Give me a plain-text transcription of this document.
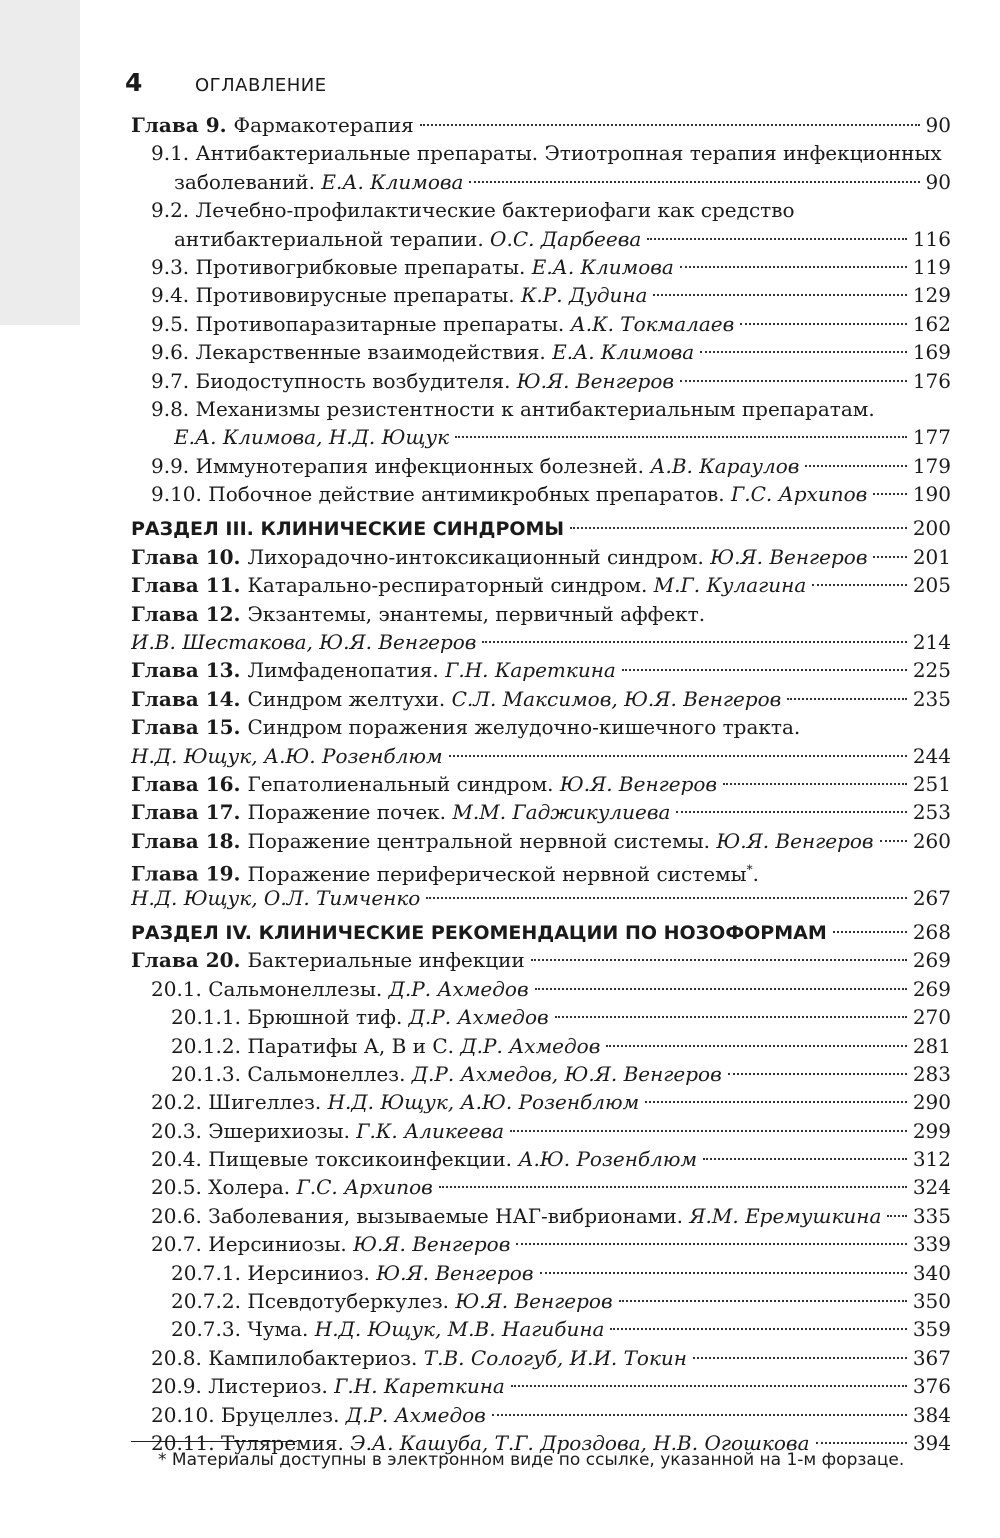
4	ОГЛАВЛЕНИЕ
Глава 9. Фармакотерапия	90
9.1. Антибактериальные препараты. Этиотропная терапия инфекционных
заболеваний. Е.А. Климова	90
9.2. Лечебно-профилактические бактериофаги как средство
антибактериальной терапии. О.С. Дарбеева	116
9.3. Противогрибковые препараты. Е.А. Климова	119
9.4. Противовирусные препараты. К.Р. Дудина	129
9.5. Противопаразитарные препараты. А.К. Токмалаев	162
9.6. Лекарственные взаимодействия. Е.А. Климова	169
9.7. Биодоступность возбудителя. Ю.Я. Венгеров	176
9.8. Механизмы резистентности к антибактериальным препаратам.
Е.А. Климова, Н.Д. Ющук	177
9.9. Иммунотерапия инфекционных болезней. А.В. Караулов	179
9.10. Побочное действие антимикробных препаратов. Г.С. Архипов 190
РАЗДЕЛ III. КЛИНИЧЕСКИЕ СИНДРОМЫ	200
Глава 10. Лихорадочно-интоксикационный синдром. Ю.Я. Венгеров 201
Глава 11. Катарально-респираторный синдром. М.Г. Кулагина	205
Глава 12. Экзантемы, энантемы, первичный аффект.
И.В. Шестакова, Ю.Я. Венгеров	214
Глава 13. Лимфаденопатия. Г.Н. Кареткина	225
Глава 14. Синдром желтухи. С.Л. Максимов, Ю.Я. Венгеров	235
Глава 15. Синдром поражения желудочно-кишечного тракта.
Н.Д. Ющук, А.Ю. Розенблюм	244
Глава 16. Гепатолиенальный синдром. Ю.Я. Венгеров	251
Глава 17. Поражение почек. М.М. Гаджикулиева	253
Глава 18. Поражение центральной нервной системы. Ю.Я. Венгеров 260
Глава 19. Поражение периферической нервной системы*.
Н.Д. Ющук, О.Л. Тимченко	267
РАЗДЕЛ IV. КЛИНИЧЕСКИЕ РЕКОМЕНДАЦИИ ПО НОЗОФОРМАМ	268
Глава 20. Бактериальные инфекции	269
20.1. Сальмонеллезы. Д.Р. Ахмедов	269
20.1.1. Брюшной тиф. Д.Р. Ахмедов	270
20.1.2. Паратифы А, В и С. Д.Р. Ахмедов	281
20.1.3. Сальмонеллез. Д.Р. Ахмедов, Ю.Я. Венгеров	283
20.2. Шигеллез. Н.Д. Ющук, А.Ю. Розенблюм	290
20.3. Эшерихиозы. Г.К. Аликеева	299
20.4. Пищевые токсикоинфекции. А.Ю. Розенблюм	312
20.5. Холера. Г.С. Архипов	324
20.6. Заболевания, вызываемые НАГ-вибрионами. Я.М. Еремушкина 335
20.7. Иерсиниозы. Ю.Я. Венгеров	339
20.7.1. Иерсиниоз. Ю.Я. Венгеров	340
20.7.2. Псевдотуберкулез. Ю.Я. Венгеров	350
20.7.3. Чума. Н.Д. Ющук, М.В. Нагибина	359
20.8. Кампилобактериоз. Т.В. Сологуб, И.И. Токин	367
20.9. Листериоз. Г.Н. Кареткина	376
20.10. Бруцеллез. Д.Р. Ахмедов	384
20.11. Туляремия. Э.А. Кашуба, Т.Г. Дроздова, Н.В. Огошкова	394
* Материалы доступны в электронном виде по ссылке, указанной на 1-м форзаце.
